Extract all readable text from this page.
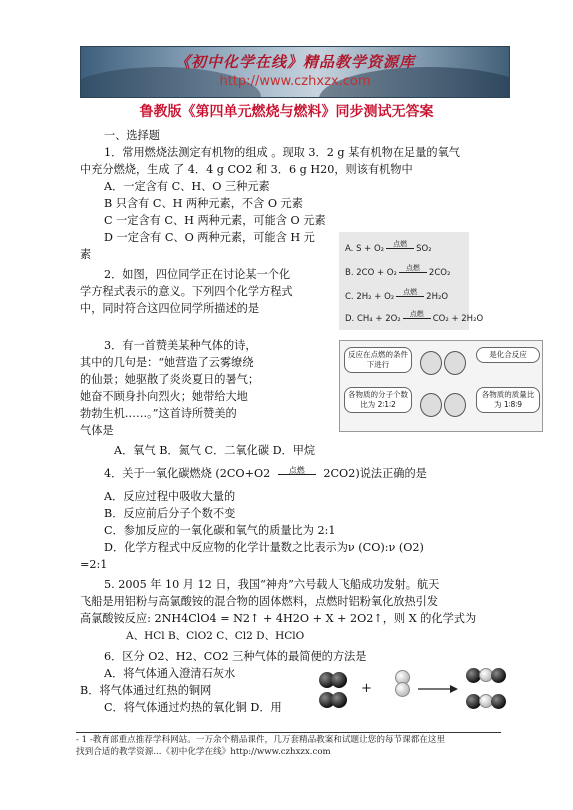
《初中化学在线》精品教学资源库
http://www.czhxzx.com
鲁教版《第四单元燃烧与燃料》同步测试无答案
一、选择题
1．常用燃烧法测定有机物的组成 。现取 3．2 g 某有机物在足量的氧气
中充分燃烧，生成 了 4．4 g CO2 和 3．6 g H20，则该有机物中
A．一定含有 C、H、O 三种元素
B 只含有 C、H 两种元素，不含 O 元素
C 一定含有 C、H 两种元素，可能含 O 元素
D 一定含有 C、O 两种元素，可能含 H 元
素	A. S + O₂	点燃	SO₂
B. 2CO + O₂	点燃	2CO₂
C. 2H₂ + O₂	点燃	2H₂O
D. CH₄ + 2O₂	点燃	CO₂ + 2H₂O
2．如图，四位同学正在讨论某一个化
学方程式表示的意义。下列四个化学方程式
中，同时符合这四位同学所描述的是
反应在点燃的条件下进行
是化合反应
各物质的分子个数比为 2∶1∶2
各物质的质量比为 1∶8∶9
3．有一首赞美某种气体的诗，
其中的几句是：“她营造了云雾缭绕
的仙景；她驱散了炎炎夏日的暑气；
她奋不顾身扑向烈火；她带给大地
勃勃生机……。”这首诗所赞美的
气体是
A．氧气 B．氮气 C．二氧化碳 D．甲烷
4．关于一氧化碳燃烧 (2CO+O2	点燃	2CO2)说法正确的是
A．反应过程中吸收大量的
B．反应前后分子个数不变
C．参加反应的一氧化碳和氧气的质量比为 2:1
D．化学方程式中反应物的化学计量数之比表示为ν (CO):ν (O2)
=2:1
5. 2005 年 10 月 12 日，我国“神舟”六号载人飞船成功发射。航天
飞船是用铝粉与高氯酸铵的混合物的固体燃料，点燃时铝粉氧化放热引发
高氯酸铵反应: 2NH4ClO4 = N2↑ + 4H2O + X + 2O2↑，则 X 的化学式为
A、HCl B、ClO2 C、Cl2 D、HClO
6．区分 O2、H2、CO2 三种气体的最简便的方法是
A．将气体通入澄清石灰水
B．将气体通过红热的铜网
C．将气体通过灼热的氧化铜 D．用
+
- 1 -教育部重点推荐学科网站。一万余个精品课件，几万套精品教案和试题让您的每节课都在这里
找到合适的教学资源...《初中化学在线》http://www.czhxzx.com
